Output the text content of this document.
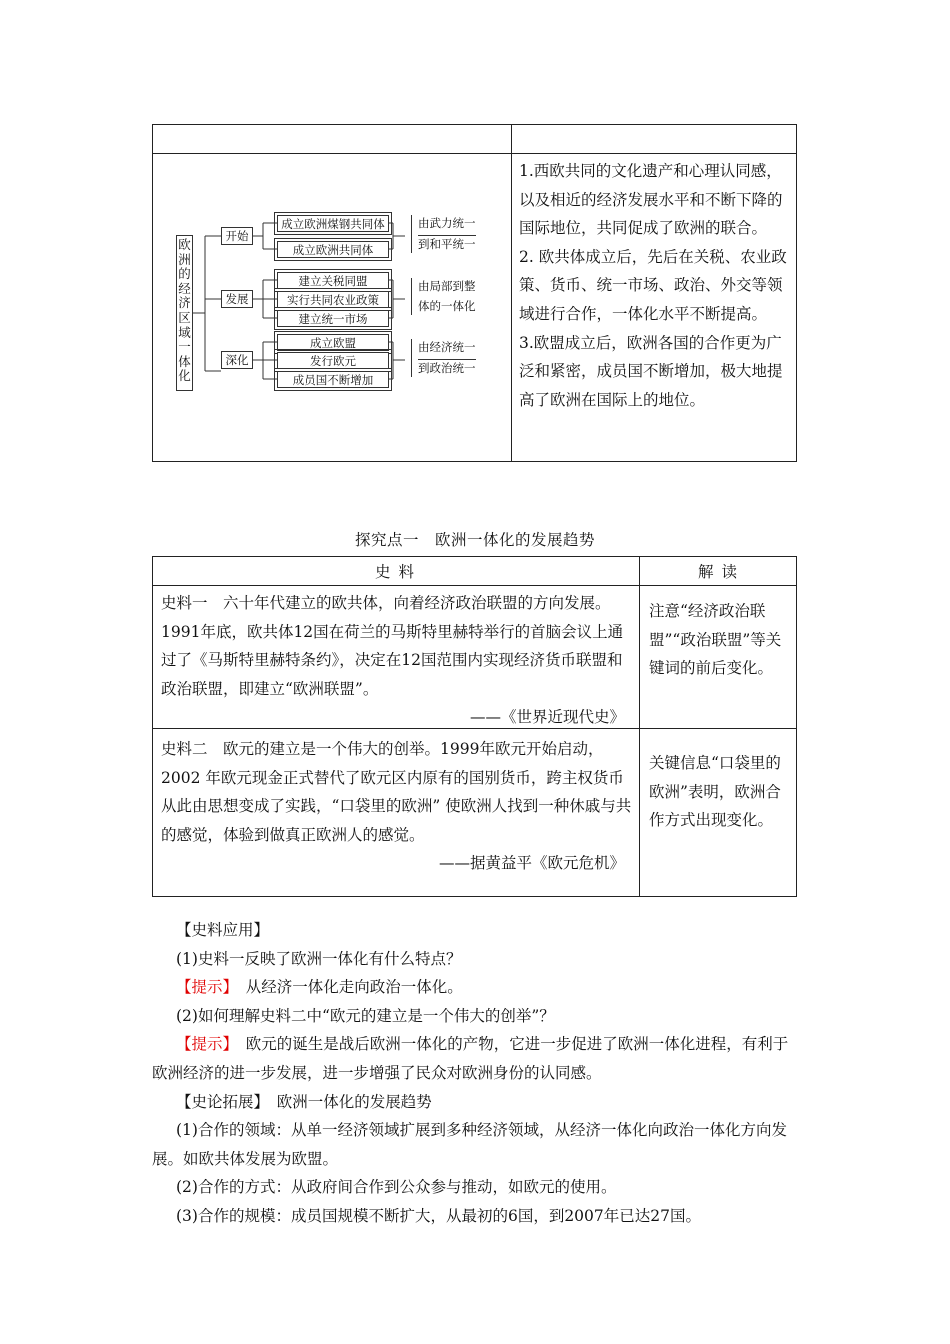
欧洲的经济区域一体化
开始
发展
深化
成立欧洲煤钢共同体
成立欧洲共同体
建立关税同盟
实行共同农业政策
建立统一市场
成立欧盟
发行欧元
成员国不断增加
由武力统一
到和平统一
由局部到整
体的一体化
由经济统一
到政治统一

1.西欧共同的文化遗产和心理认同感，以及相近的经济发展水平和不断下降的国际地位，共同促成了欧洲的联合。

2. 欧共体成立后，先后在关税、农业政策、货币、统一市场、政治、外交等领域进行合作，一体化水平不断提高。

3.欧盟成立后，欧洲各国的合作更为广泛和紧密，成员国不断增加，极大地提高了欧洲在国际上的地位。

探究点一　欧洲一体化的发展趋势
史料	解读

史料一　六十年代建立的欧共体，向着经济政治联盟的方向发展。1991年底，欧共体12国在荷兰的马斯特里赫特举行的首脑会议上通过了《马斯特里赫特条约》，决定在12国范围内实现经济货币联盟和政治联盟，即建立“欧洲联盟”。

——《世界近现代史》

注意“经济政治联盟”“政治联盟”等关键词的前后变化。

史料二　欧元的建立是一个伟大的创举。1999年欧元开始启动， 2002 年欧元现金正式替代了欧元区内原有的国别货币，跨主权货币从此由思想变成了实践，“口袋里的欧洲” 使欧洲人找到一种休戚与共的感觉，体验到做真正欧洲人的感觉。

——据黄益平《欧元危机》

关键信息“口袋里的欧洲”表明，欧洲合作方式出现变化。

【史料应用】

(1)史料一反映了欧洲一体化有什么特点？

【提示】　从经济一体化走向政治一体化。

(2)如何理解史料二中“欧元的建立是一个伟大的创举”？

【提示】　欧元的诞生是战后欧洲一体化的产物，它进一步促进了欧洲一体化进程，有利于欧洲经济的进一步发展，进一步增强了民众对欧洲身份的认同感。

【史论拓展】　欧洲一体化的发展趋势

(1)合作的领域：从单一经济领域扩展到多种经济领域，从经济一体化向政治一体化方向发展。如欧共体发展为欧盟。

(2)合作的方式：从政府间合作到公众参与推动，如欧元的使用。

(3)合作的规模：成员国规模不断扩大，从最初的6国，到2007年已达27国。
